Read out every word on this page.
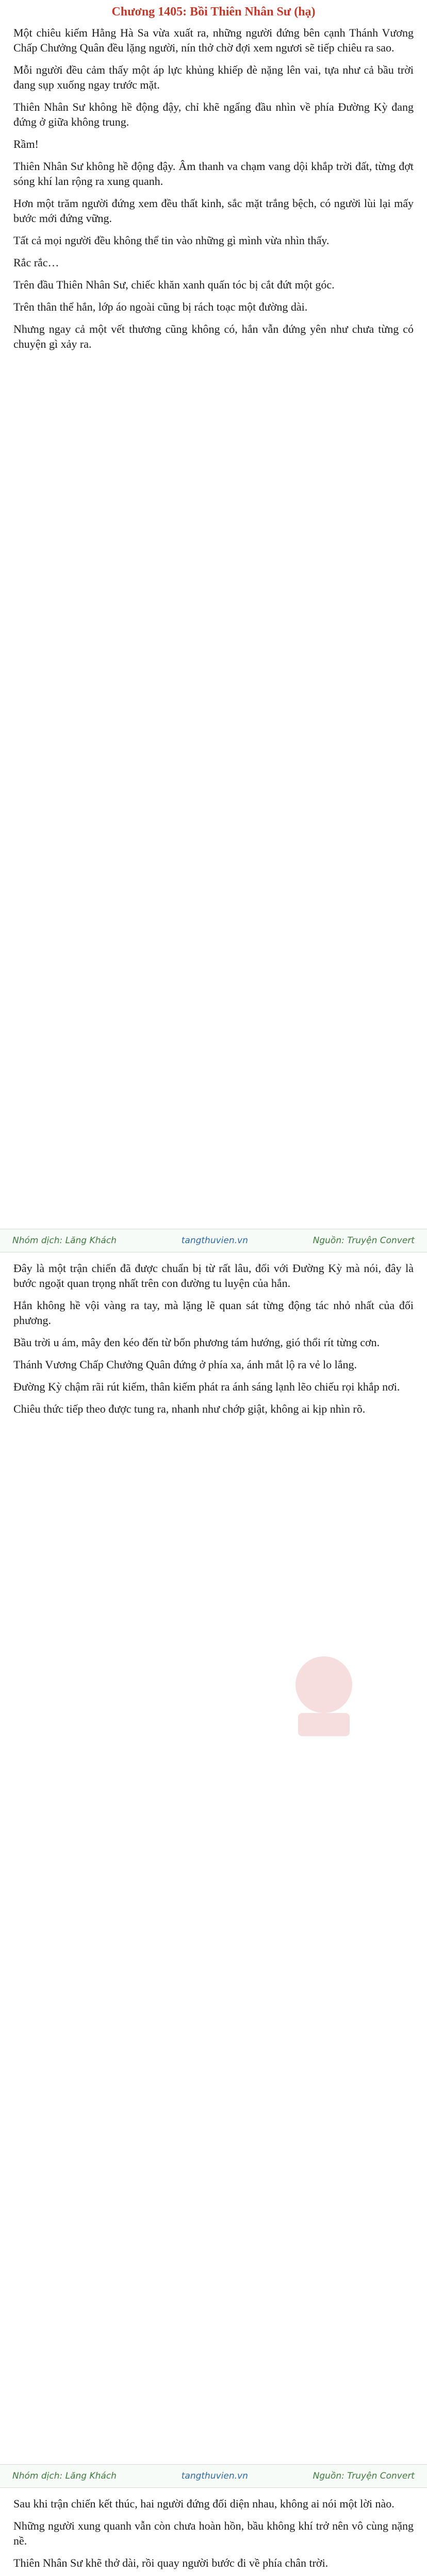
Chương 1405: Bồi Thiên Nhân Sư (hạ)

Một chiêu kiếm Hằng Hà Sa vừa xuất ra, những người đứng bên cạnh Thánh Vương Chấp Chưởng Quân đều lặng người, nín thở chờ đợi xem ngươi sẽ tiếp chiêu ra sao.

Mỗi người đều cảm thấy một áp lực khủng khiếp đè nặng lên vai, tựa như cả bầu trời đang sụp xuống ngay trước mặt.

Thiên Nhân Sư không hề động đậy, chỉ khẽ ngẩng đầu nhìn về phía Đường Kỳ đang đứng ở giữa không trung.

Rầm!

Thiên Nhân Sư không hề động đậy. Âm thanh va chạm vang dội khắp trời đất, từng đợt sóng khí lan rộng ra xung quanh.

Hơn một trăm người đứng xem đều thất kinh, sắc mặt trắng bệch, có người lùi lại mấy bước mới đứng vững.

Tất cả mọi người đều không thể tin vào những gì mình vừa nhìn thấy.

Rắc rắc…

Trên đầu Thiên Nhân Sư, chiếc khăn xanh quấn tóc bị cắt đứt một góc.

Trên thân thể hắn, lớp áo ngoài cũng bị rách toạc một đường dài.

Nhưng ngay cả một vết thương cũng không có, hắn vẫn đứng yên như chưa từng có chuyện gì xảy ra.

Nhóm dịch: Lăng Khách	tangthuvien.vn	Nguồn: Truyện Convert

Đây là một trận chiến đã được chuẩn bị từ rất lâu, đối với Đường Kỳ mà nói, đây là bước ngoặt quan trọng nhất trên con đường tu luyện của hắn.

Hắn không hề vội vàng ra tay, mà lặng lẽ quan sát từng động tác nhỏ nhất của đối phương.

Bầu trời u ám, mây đen kéo đến từ bốn phương tám hướng, gió thổi rít từng cơn.

Thánh Vương Chấp Chưởng Quân đứng ở phía xa, ánh mắt lộ ra vẻ lo lắng.

Đường Kỳ chậm rãi rút kiếm, thân kiếm phát ra ánh sáng lạnh lẽo chiếu rọi khắp nơi.

Chiêu thức tiếp theo được tung ra, nhanh như chớp giật, không ai kịp nhìn rõ.

Nhóm dịch: Lăng Khách	tangthuvien.vn	Nguồn: Truyện Convert

Sau khi trận chiến kết thúc, hai người đứng đối diện nhau, không ai nói một lời nào.

Những người xung quanh vẫn còn chưa hoàn hồn, bầu không khí trở nên vô cùng nặng nề.

Thiên Nhân Sư khẽ thở dài, rồi quay người bước đi về phía chân trời.
